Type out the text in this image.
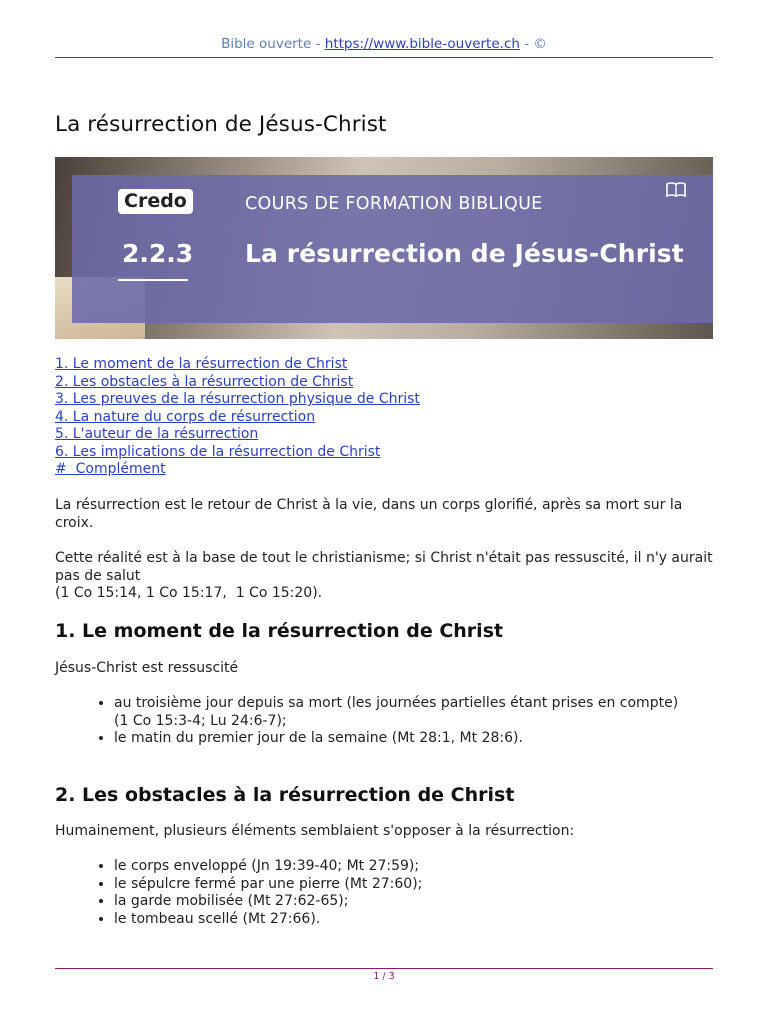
Bible ouverte - https://www.bible-ouverte.ch - ©
La résurrection de Jésus-Christ
Credo	COURS DE FORMATION BIBLIQUE
2.2.3 La résurrection de Jésus-Christ
1. Le moment de la résurrection de Christ
2. Les obstacles à la résurrection de Christ
3. Les preuves de la résurrection physique de Christ
4. La nature du corps de résurrection
5. L'auteur de la résurrection
6. Les implications de la résurrection de Christ
#  Complément

La résurrection est le retour de Christ à la vie, dans un corps glorifié, après sa mort sur la croix.

Cette réalité est à la base de tout le christianisme; si Christ n'était pas ressuscité, il n'y aurait pas de salut
(1 Co 15:14, 1 Co 15:17,  1 Co 15:20).

1. Le moment de la résurrection de Christ

Jésus-Christ est ressuscité

• au troisième jour depuis sa mort (les journées partielles étant prises en compte)
(1 Co 15:3-4; Lu 24:6-7);
• le matin du premier jour de la semaine (Mt 28:1, Mt 28:6).
2. Les obstacles à la résurrection de Christ

Humainement, plusieurs éléments semblaient s'opposer à la résurrection:

• le corps enveloppé (Jn 19:39-40; Mt 27:59);
• le sépulcre fermé par une pierre (Mt 27:60);
• la garde mobilisée (Mt 27:62-65);
• le tombeau scellé (Mt 27:66).
1 / 3
